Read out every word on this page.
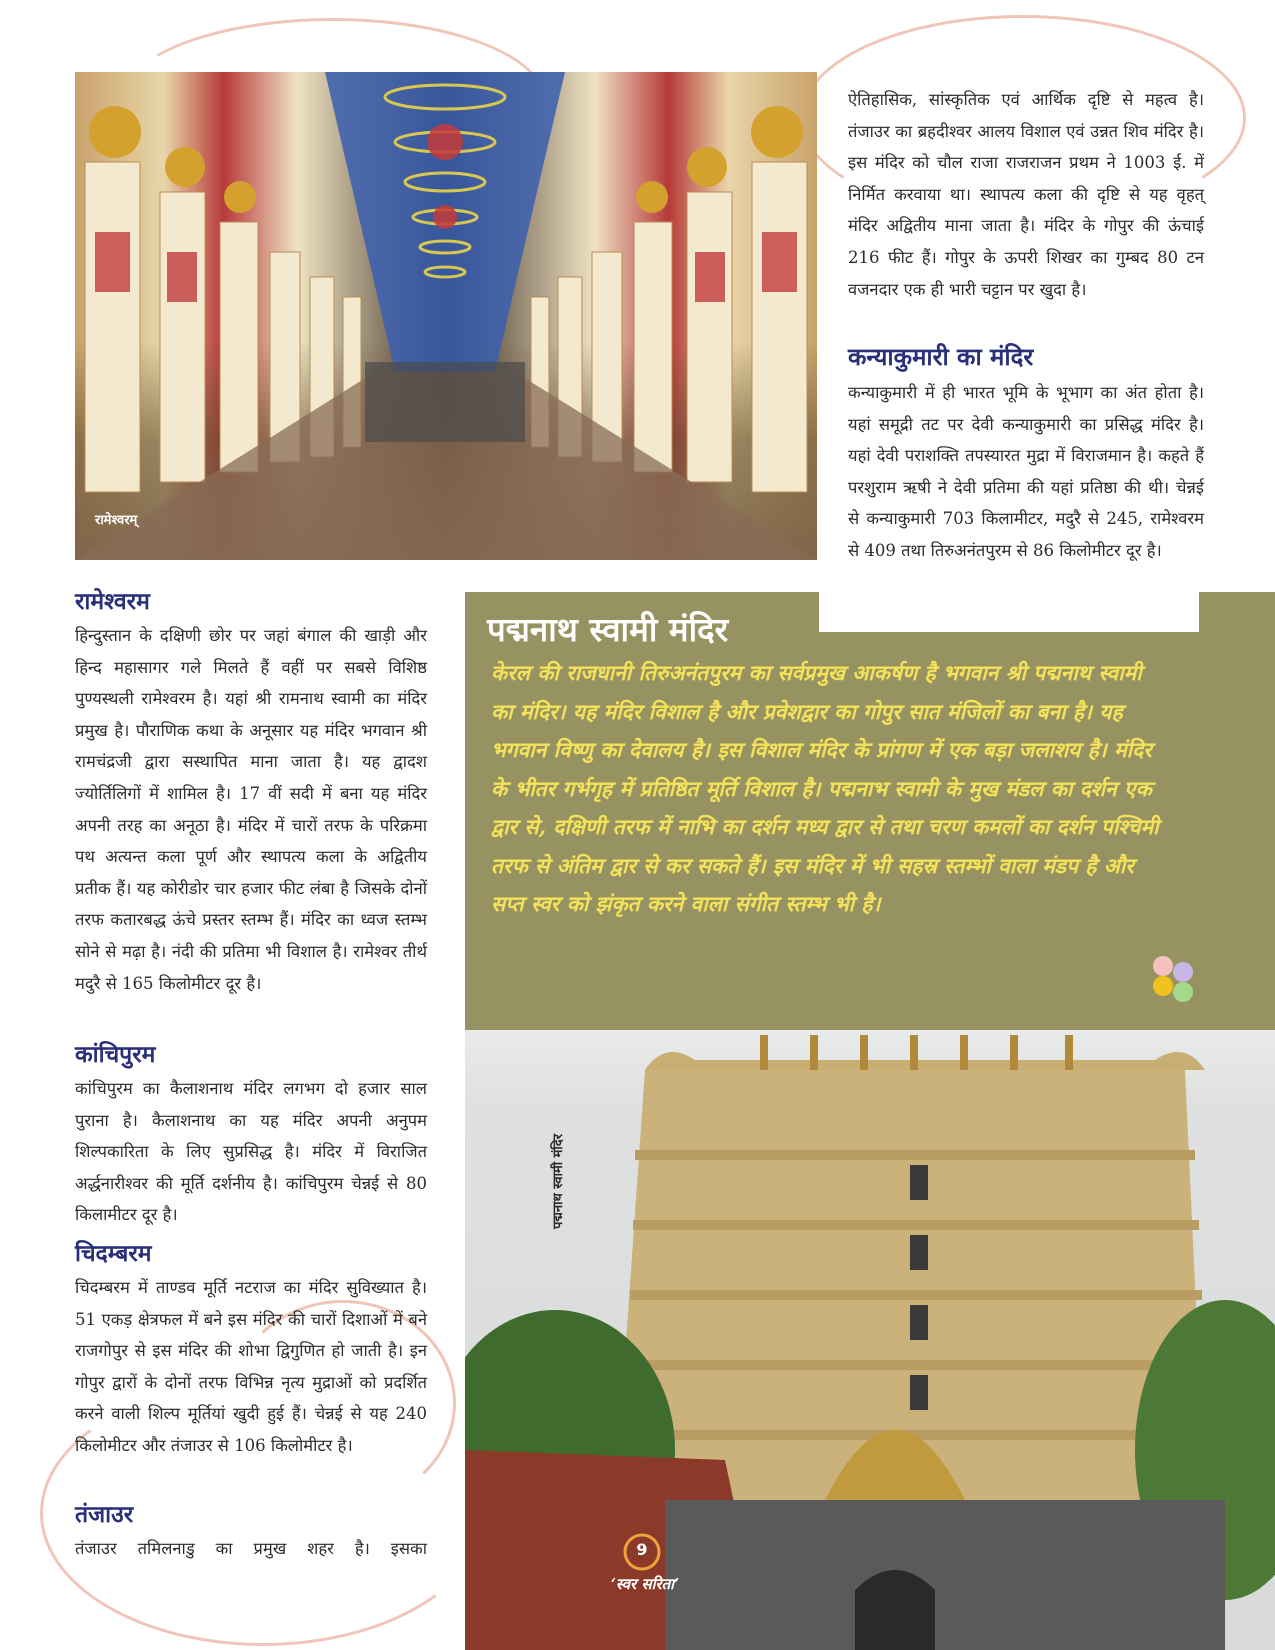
रामेश्वरम्
ऐतिहासिक, सांस्कृतिक एवं आर्थिक दृष्टि से महत्व है। तंजाउर का ब्रहदीश्वर आलय विशाल एवं उन्नत शिव मंदिर है। इस मंदिर को चौल राजा राजराजन प्रथम ने 1003 ई. में निर्मित करवाया था। स्थापत्य कला की दृष्टि से यह वृहत् मंदिर अद्वितीय माना जाता है। मंदिर के गोपुर की ऊंचाई 216 फीट हैं। गोपुर के ऊपरी शिखर का गुम्बद 80 टन वजनदार एक ही भारी चट्टान पर खुदा है।
कन्याकुमारी का मंदिर
कन्याकुमारी में ही भारत भूमि के भूभाग का अंत होता है। यहां समूद्री तट पर देवी कन्याकुमारी का प्रसिद्ध मंदिर है। यहां देवी पराशक्ति तपस्यारत मुद्रा में विराजमान है। कहते हैं परशुराम ऋषी ने देवी प्रतिमा की यहां प्रतिष्ठा की थी। चेन्नई से कन्याकुमारी 703 किलामीटर, मदुरै से 245, रामेश्वरम से 409 तथा तिरुअनंतपुरम से 86 किलोमीटर दूर है।
रामेश्वरम
हिन्दुस्तान के दक्षिणी छोर पर जहां बंगाल की खाड़ी और हिन्द महासागर गले मिलते हैं वहीं पर सबसे विशिष्ठ पुण्यस्थली रामेश्वरम है। यहां श्री रामनाथ स्वामी का मंदिर प्रमुख है। पौराणिक कथा के अनूसार यह मंदिर भगवान श्री रामचंद्रजी द्वारा सस्थापित माना जाता है। यह द्वादश ज्योर्तिलिगों में शामिल है। 17 वीं सदी में बना यह मंदिर अपनी तरह का अनूठा है। मंदिर में चारों तरफ के परिक्रमा पथ अत्यन्त कला पूर्ण और स्थापत्य कला के अद्वितीय प्रतीक हैं। यह कोरीडोर चार हजार फीट लंबा है जिसके दोनों तरफ कतारबद्ध ऊंचे प्रस्तर स्तम्भ हैं। मंदिर का ध्वज स्तम्भ सोने से मढ़ा है। नंदी की प्रतिमा भी विशाल है। रामेश्वर तीर्थ मदुरै से 165 किलोमीटर दूर है।
कांचिपुरम
कांचिपुरम का कैलाशनाथ मंदिर लगभग दो हजार साल पुराना है। कैलाशनाथ का यह मंदिर अपनी अनुपम शिल्पकारिता के लिए सुप्रसिद्ध है। मंदिर में विराजित अर्द्धनारीश्वर की मूर्ति दर्शनीय है। कांचिपुरम चेन्नई से 80 किलामीटर दूर है।
चिदम्बरम
चिदम्बरम में ताण्डव मूर्ति नटराज का मंदिर सुविख्यात है। 51 एकड़ क्षेत्रफल में बने इस मंदिर की चारों दिशाओं में बने राजगोपुर से इस मंदिर की शोभा द्विगुणित हो जाती है। इन गोपुर द्वारों के दोनों तरफ विभिन्न नृत्य मुद्राओं को प्रदर्शित करने वाली शिल्प मूर्तियां खुदी हुई हैं। चेन्नई से यह 240 किलोमीटर और तंजाउर से 106 किलोमीटर है।
तंजाउर
तंजाउर तमिलनाडु का प्रमुख शहर है। इसका
पद्मनाथ स्वामी मंदिर
केरल की राजधानी तिरुअनंतपुरम का सर्वप्रमुख आकर्षण है भगवान श्री पद्मनाथ स्वामी का मंदिर। यह मंदिर विशाल है और प्रवेशद्वार का गोपुर सात मंजिलों का बना है। यह भगवान विष्णु का देवालय है। इस विशाल मंदिर के प्रांगण में एक बड़ा जलाशय है। मंदिर के भीतर गर्भगृह में प्रतिष्ठित मूर्ति विशाल है। पद्मनाभ स्वामी के मुख मंडल का दर्शन एक द्वार से, दक्षिणी तरफ में नाभि का दर्शन मध्य द्वार से तथा चरण कमलों का दर्शन पश्चिमी तरफ से अंतिम द्वार से कर सकते हैं। इस मंदिर में भी सहस्र स्तम्भों वाला मंडप है और सप्त स्वर को झंकृत करने वाला संगीत स्तम्भ भी है।
पद्मनाथ स्वामी मंदिर
9
‘स्वर सरिता’
